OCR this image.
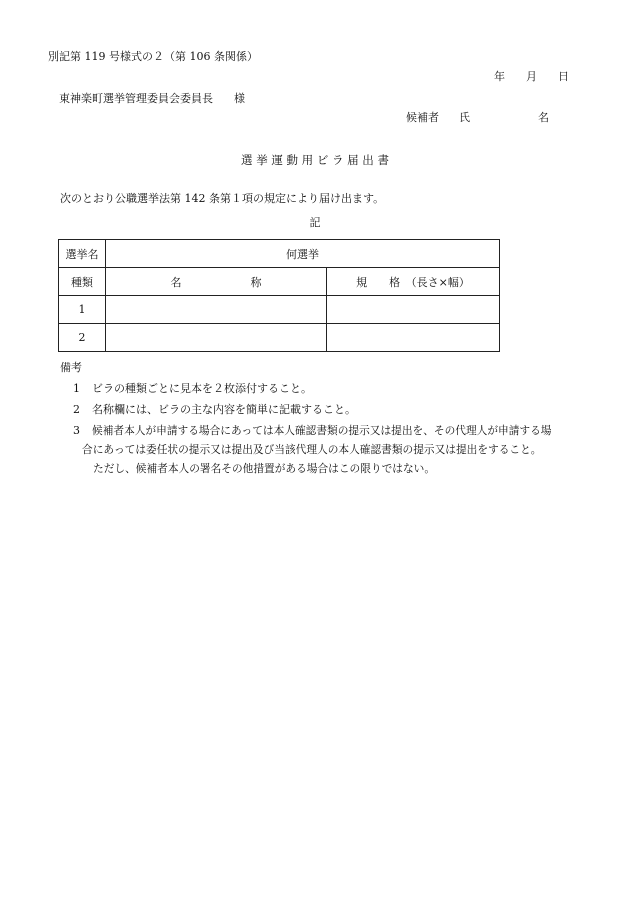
別記第 119 号様式の２（第 106 条関係）
年 月 日
東神楽町選挙管理委員会委員長 様
候補者 氏	名
選 挙 運 動 用 ビ ラ 届 出 書
次のとおり公職選挙法第 142 条第１項の規定により届け出ます。
記
選挙名	何選挙	
種類	名 称	規　　格　（長さ×幅）
1		
2		
備考
1 ビラの種類ごとに見本を２枚添付すること。
2 名称欄には、ビラの主な内容を簡単に記載すること。
3 候補者本人が申請する場合にあっては本人確認書類の提示又は提出を、その代理人が申請する場
合にあっては委任状の提示又は提出及び当該代理人の本人確認書類の提示又は提出をすること。
ただし、候補者本人の署名その他措置がある場合はこの限りではない。
